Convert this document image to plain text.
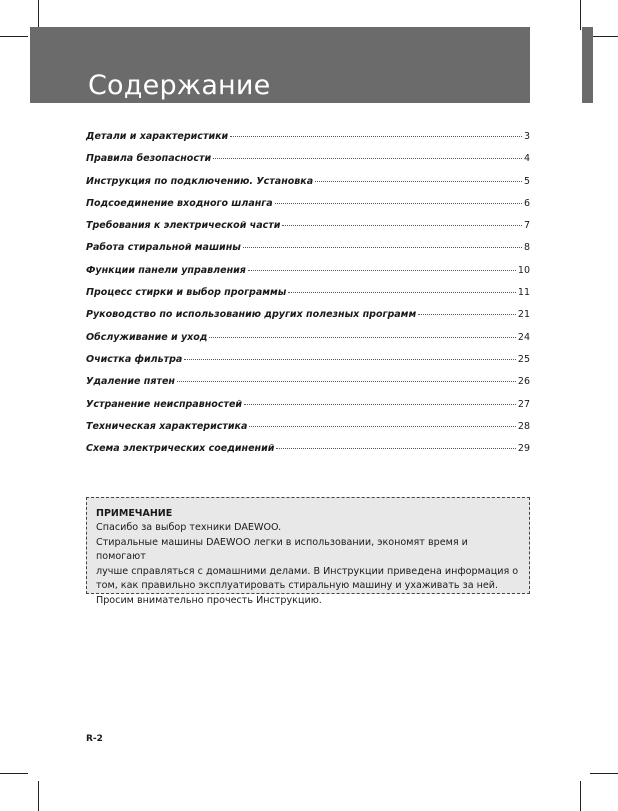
Содержание
Детали и характеристики	3
Правила безопасности	4
Инструкция по подключению. Установка	5
Подсоединение входного шланга	6
Требования к электрической части	7
Работа стиральной машины	8
Функции панели управления	10
Процесс стирки и выбор программы	11
Руководство по использованию других полезных программ	21
Обслуживание и уход	24
Очистка фильтра	25
Удаление пятен	26
Устранение неисправностей	27
Техническая характеристика	28
Схема электрических соединений	29
ПРИМЕЧАНИЕ

Спасибо за выбор техники DAEWOO.
Стиральные машины DAEWOO легки в использовании, экономят время и помогают
лучше справляться с домашними делами. В Инструкции приведена информация о
том, как правильно эксплуатировать стиральную машину и ухаживать за ней.
Просим внимательно прочесть Инструкцию.

R-2
